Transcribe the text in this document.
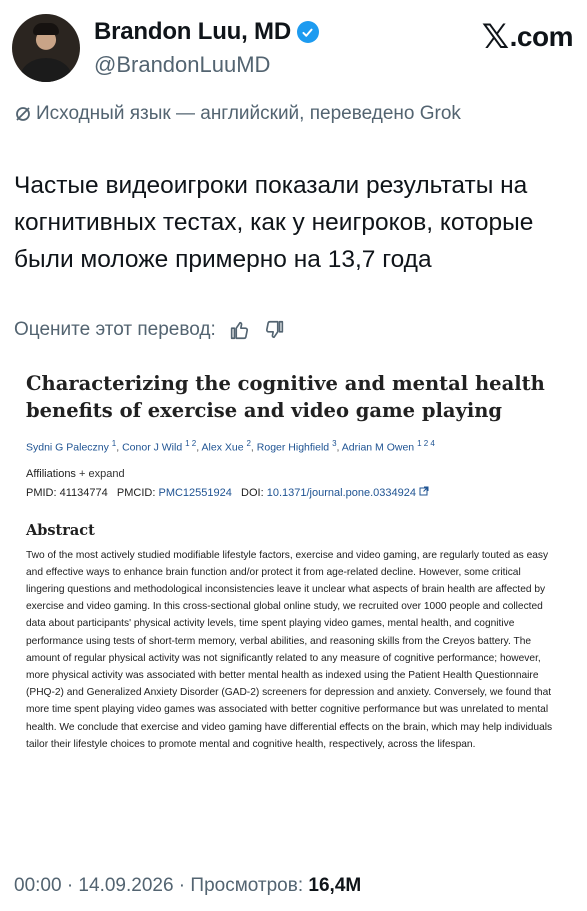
Brandon Luu, MD
@BrandonLuuMD
𝕏 .com
Исходный язык — английский, переведено Grok
Частые видеоигроки показали результаты на когнитивных тестах, как у неигроков, которые были моложе примерно на 13,7 года
Оцените этот перевод:
Characterizing the cognitive and mental health benefits of exercise and video game playing
Sydni G Paleczny $^1$, Conor J Wild $^{1 2}$, Alex Xue $^2$, Roger Highfield $^3$, Adrian M Owen $^{1 2 4}$
Affiliations + expand
PMID: 41134774 PMCID: PMC12551924 DOI: 10.1371/journal.pone.0334924
Abstract
Two of the most actively studied modifiable lifestyle factors, exercise and video gaming, are regularly touted as easy and effective ways to enhance brain function and/or protect it from age-related decline. However, some critical lingering questions and methodological inconsistencies leave it unclear what aspects of brain health are affected by exercise and video gaming. In this cross-sectional global online study, we recruited over 1000 people and collected data about participants' physical activity levels, time spent playing video games, mental health, and cognitive performance using tests of short-term memory, verbal abilities, and reasoning skills from the Creyos battery. The amount of regular physical activity was not significantly related to any measure of cognitive performance; however, more physical activity was associated with better mental health as indexed using the Patient Health Questionnaire (PHQ-2) and Generalized Anxiety Disorder (GAD-2) screeners for depression and anxiety. Conversely, we found that more time spent playing video games was associated with better cognitive performance but was unrelated to mental health. We conclude that exercise and video gaming have differential effects on the brain, which may help individuals tailor their lifestyle choices to promote mental and cognitive health, respectively, across the lifespan.
00:00 · 14.09.2026 · Просмотров: 16,4M
